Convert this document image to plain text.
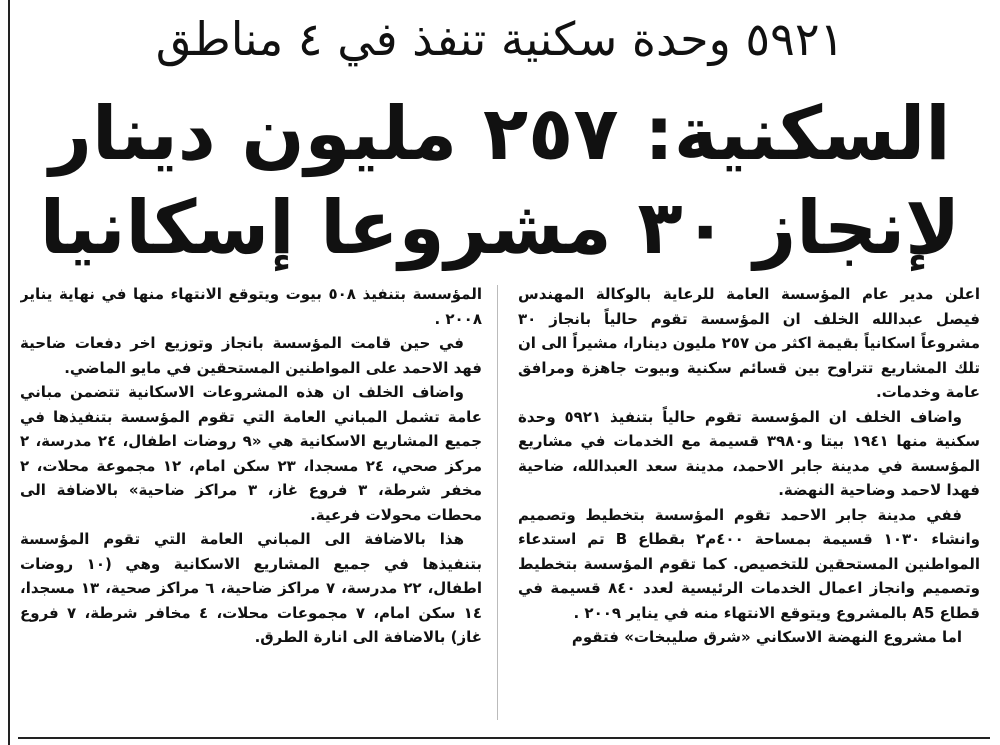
٥٩٢١ وحدة سكنية تنفذ في ٤ مناطق
السكنية: ٢٥٧ مليون دينار
لإنجاز ٣٠ مشروعا إسكانيا

اعلن مدير عام المؤسسة العامة للرعاية بالوكالة المهندس فيصل عبدالله الخلف ان المؤسسة تقوم حالياً بانجاز ٣٠ مشروعاً اسكانياً بقيمة اكثر من ٢٥٧ مليون دينارا، مشيراً الى ان تلك المشاريع تتراوح بين قسائم سكنية وبيوت جاهزة ومرافق عامة وخدمات.

واضاف الخلف ان المؤسسة تقوم حالياً بتنفيذ ٥٩٢١ وحدة سكنية منها ١٩٤١ بيتا و٣٩٨٠ قسيمة مع الخدمات في مشاريع المؤسسة في مدينة جابر الاحمد، مدينة سعد العبدالله، ضاحية فهدا لاحمد وضاحية النهضة.

ففي مدينة جابر الاحمد تقوم المؤسسة بتخطيط وتصميم وانشاء ١٠٣٠ قسيمة بمساحة ٤٠٠م٢ بقطاع B تم استدعاء المواطنين المستحقين للتخصيص. كما تقوم المؤسسة بتخطيط وتصميم وانجاز اعمال الخدمات الرئيسية لعدد ٨٤٠ قسيمة في قطاع A5 بالمشروع ويتوقع الانتهاء منه في يناير ٢٠٠٩ .

اما مشروع النهضة الاسكاني «شرق صليبخات» فتقوم

المؤسسة بتنفيذ ٥٠٨ بيوت ويتوقع الانتهاء منها في نهاية يناير ٢٠٠٨ .

في حين قامت المؤسسة بانجاز وتوزيع اخر دفعات ضاحية فهد الاحمد على المواطنين المستحقين في مايو الماضي.

واضاف الخلف ان هذه المشروعات الاسكانية تتضمن مباني عامة تشمل المباني العامة التي تقوم المؤسسة بتنفيذها في جميع المشاريع الاسكانية هي «٩ روضات اطفال، ٢٤ مدرسة، ٢ مركز صحي، ٢٤ مسجدا، ٢٣ سكن امام، ١٢ مجموعة محلات، ٢ مخفر شرطة، ٣ فروع غاز، ٣ مراكز ضاحية» بالاضافة الى محطات محولات فرعية.

هذا بالاضافة الى المباني العامة التي تقوم المؤسسة بتنفيذها في جميع المشاريع الاسكانية وهي (١٠ روضات اطفال، ٢٢ مدرسة، ٧ مراكز ضاحية، ٦ مراكز صحية، ١٣ مسجدا، ١٤ سكن امام، ٧ مجموعات محلات، ٤ مخافر شرطة، ٧ فروع غاز) بالاضافة الى انارة الطرق.
